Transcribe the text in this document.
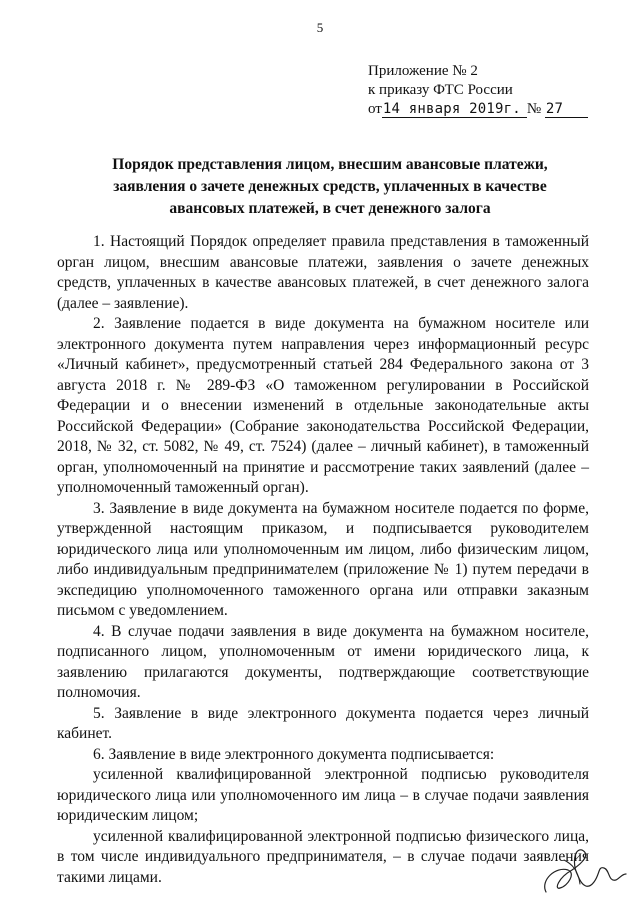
5
Приложение № 2
к приказу ФТС России
от14 января 2019г. № 27
Порядок представления лицом, внесшим авансовые платежи,
заявления о зачете денежных средств, уплаченных в качестве
авансовых платежей, в счет денежного залога

1. Настоящий Порядок определяет правила представления в таможенный орган лицом, внесшим авансовые платежи, заявления о зачете денежных средств, уплаченных в качестве авансовых платежей, в счет денежного залога (далее – заявление).

2. Заявление подается в виде документа на бумажном носителе или электронного документа путем направления через информационный ресурс «Личный кабинет», предусмотренный статьей 284 Федерального закона от 3 августа 2018 г. № 289-ФЗ «О таможенном регулировании в Российской Федерации и о внесении изменений в отдельные законодательные акты Российской Федерации» (Собрание законодательства Российской Федерации, 2018, № 32, ст. 5082, № 49, ст. 7524) (далее – личный кабинет), в таможенный орган, уполномоченный на принятие и рассмотрение таких заявлений (далее – уполномоченный таможенный орган).

3. Заявление в виде документа на бумажном носителе подается по форме, утвержденной настоящим приказом, и подписывается руководителем юридического лица или уполномоченным им лицом, либо физическим лицом, либо индивидуальным предпринимателем (приложение № 1) путем передачи в экспедицию уполномоченного таможенного органа или отправки заказным письмом с уведомлением.

4. В случае подачи заявления в виде документа на бумажном носителе, подписанного лицом, уполномоченным от имени юридического лица, к заявлению прилагаются документы, подтверждающие соответствующие полномочия.

5. Заявление в виде электронного документа подается через личный кабинет.

6. Заявление в виде электронного документа подписывается:

усиленной квалифицированной электронной подписью руководителя юридического лица или уполномоченного им лица – в случае подачи заявления юридическим лицом;

усиленной квалифицированной электронной подписью физического лица, в том числе индивидуального предпринимателя, – в случае подачи заявления такими лицами.
